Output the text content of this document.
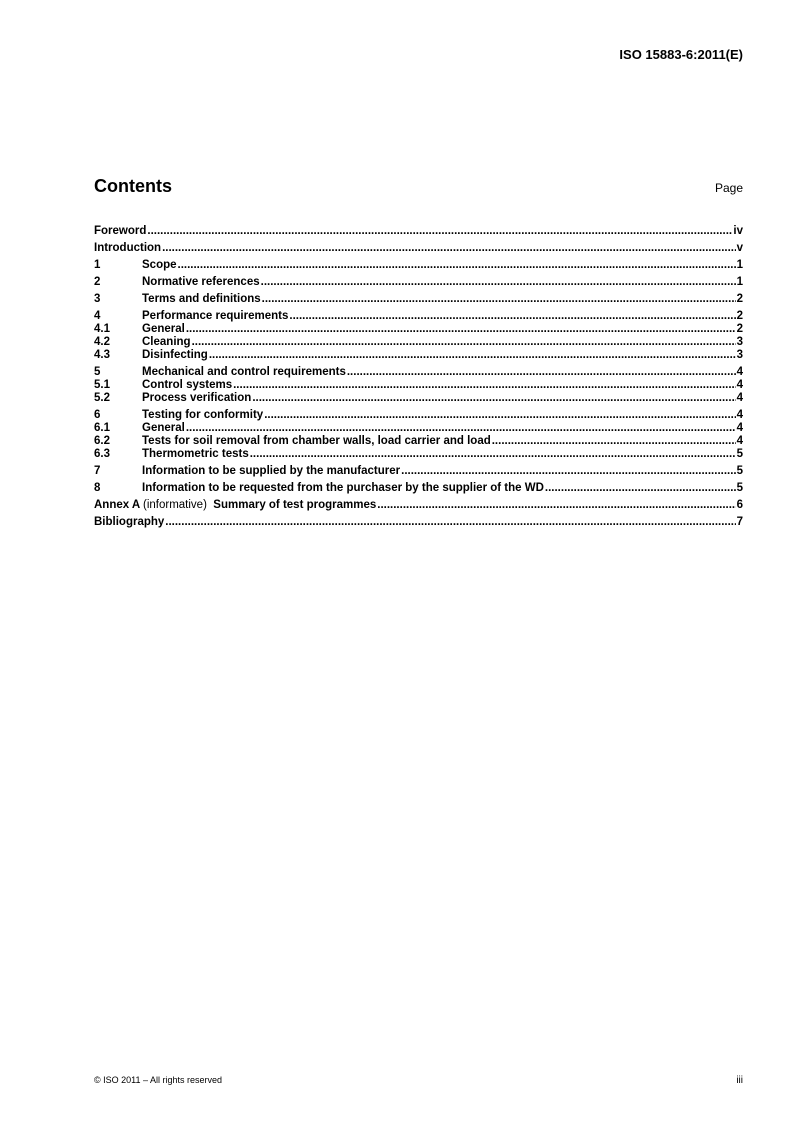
ISO 15883-6:2011(E)
Contents	Page
Foreword .....	iv
Introduction .....	v
1	Scope .....	1
2	Normative references .....	1
3	Terms and definitions .....	2
4	Performance requirements .....	2
4.1	General .....	2
4.2	Cleaning .....	3
4.3	Disinfecting .....	3
5	Mechanical and control requirements .....	4
5.1	Control systems .....	4
5.2	Process verification .....	4
6	Testing for conformity .....	4
6.1	General .....	4
6.2	Tests for soil removal from chamber walls, load carrier and load .....	4
6.3	Thermometric tests .....	5
7	Information to be supplied by the manufacturer .....	5
8	Information to be requested from the purchaser by the supplier of the WD .....	5
Annex A (informative) Summary of test programmes .....	6
Bibliography .....	7
© ISO 2011 – All rights reserved	iii
